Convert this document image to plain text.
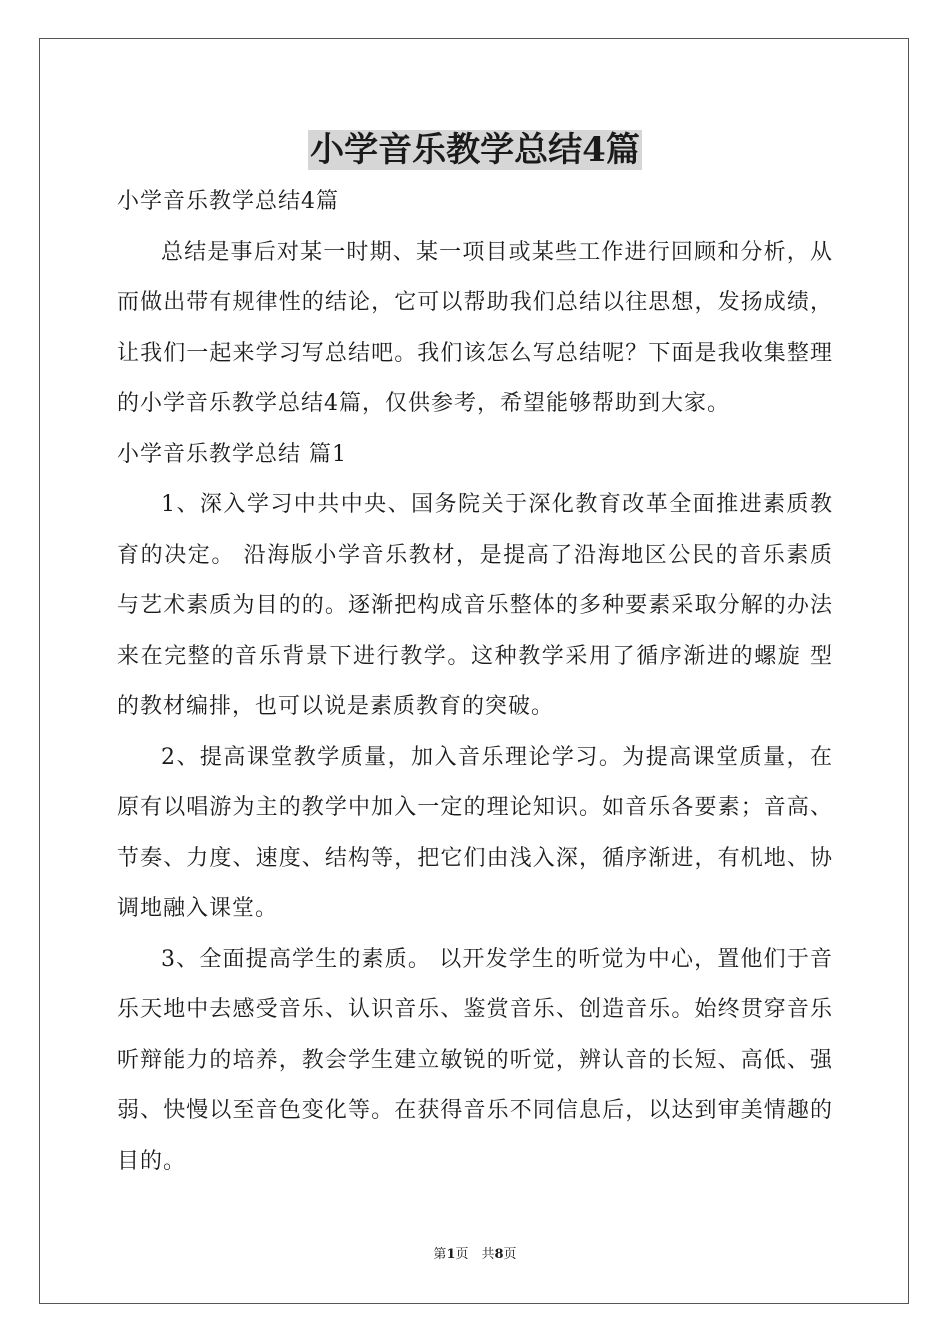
小学音乐教学总结4篇

小学音乐教学总结4篇

总结是事后对某一时期、某一项目或某些工作进行回顾和分析，从而做出带有规律性的结论，它可以帮助我们总结以往思想，发扬成绩，让我们一起来学习写总结吧。我们该怎么写总结呢？下面是我收集整理的小学音乐教学总结4篇，仅供参考，希望能够帮助到大家。

小学音乐教学总结 篇1

1、深入学习中共中央、国务院关于深化教育改革全面推进素质教育的决定。 沿海版小学音乐教材，是提高了沿海地区公民的音乐素质与艺术素质为目的的。逐渐把构成音乐整体的多种要素采取分解的办法来在完整的音乐背景下进行教学。这种教学采用了循序渐进的螺旋 型的教材编排，也可以说是素质教育的突破。

2、提高课堂教学质量，加入音乐理论学习。为提高课堂质量，在原有以唱游为主的教学中加入一定的理论知识。如音乐各要素；音高、节奏、力度、速度、结构等，把它们由浅入深，循序渐进，有机地、协调地融入课堂。

3、全面提高学生的素质。 以开发学生的听觉为中心，置他们于音乐天地中去感受音乐、认识音乐、鉴赏音乐、创造音乐。始终贯穿音乐听辩能力的培养，教会学生建立敏锐的听觉，辨认音的长短、高低、强弱、快慢以至音色变化等。在获得音乐不同信息后，以达到审美情趣的目的。

第1页　共8页
